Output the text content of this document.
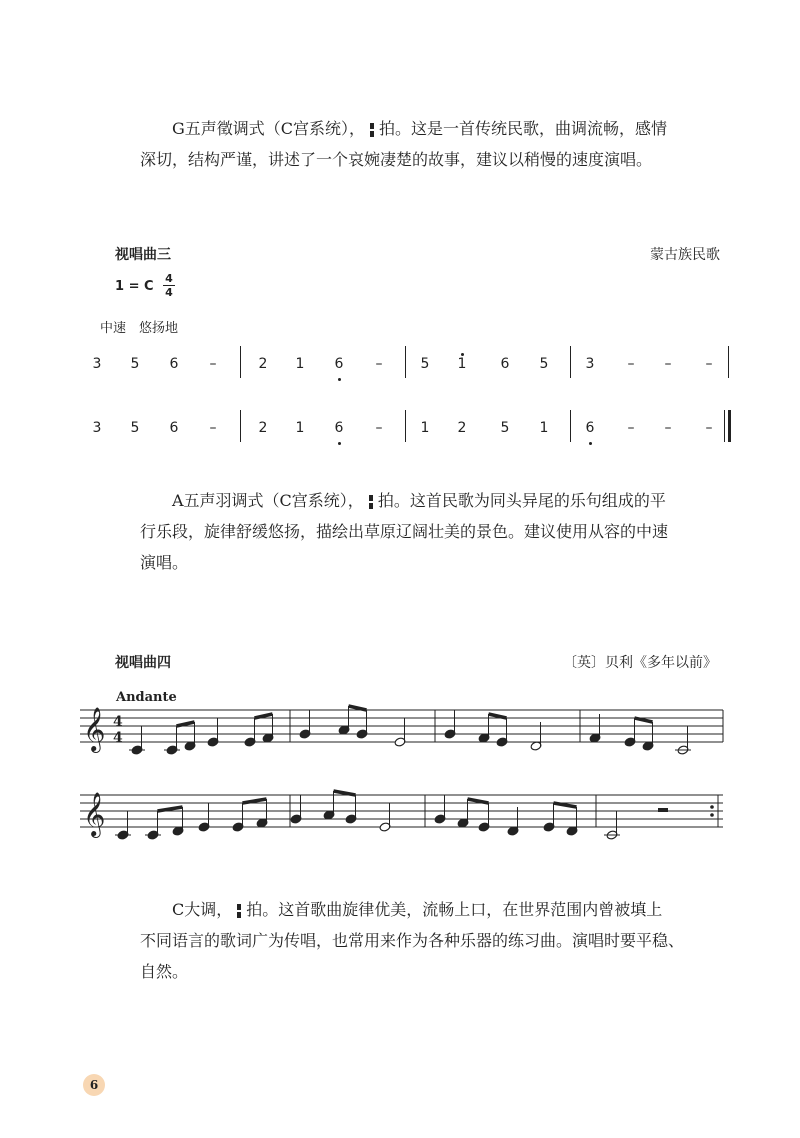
G五声徵调式（C宫系统）， 拍。这是一首传统民歌，曲调流畅，感情
深切，结构严谨，讲述了一个哀婉凄楚的故事，建议以稍慢的速度演唱。
视唱曲三	蒙古族民歌
1 = C
4
4
中速　悠扬地
3 5 6 –	2 1 6 –	5 1 6 5	3 – – –
3 5 6 –	2 1 6 –	1 2 5 1	6 – – –
A五声羽调式（C宫系统）， 拍。这首民歌为同头异尾的乐句组成的平
行乐段，旋律舒缓悠扬，描绘出草原辽阔壮美的景色。建议使用从容的中速
演唱。
视唱曲四	〔英〕贝利《多年以前》
Andante
𝄞
𝄞
4
4
C大调， 拍。这首歌曲旋律优美，流畅上口，在世界范围内曾被填上
不同语言的歌词广为传唱，也常用来作为各种乐器的练习曲。演唱时要平稳、
自然。
6
